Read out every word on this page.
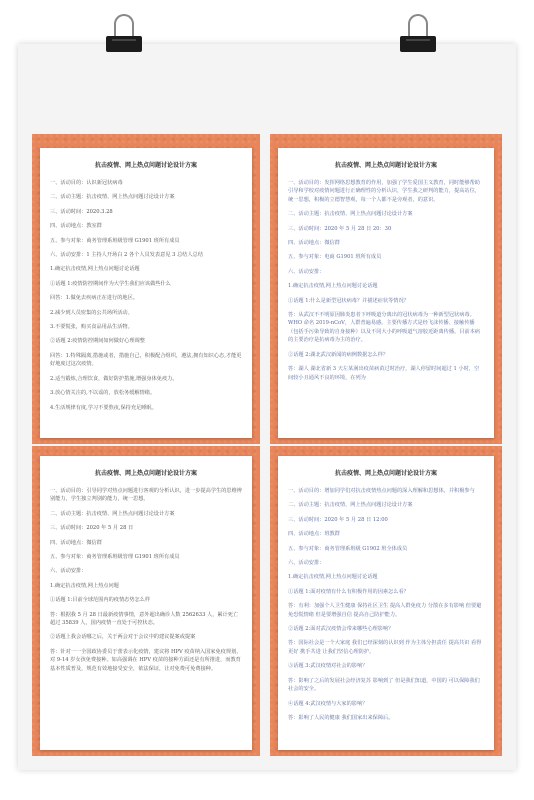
抗击疫情、网上热点问题讨论设计方案

一、活动目的：认识新冠状病毒

二、活动主题：抗击疫情、网上热点问题讨论设计方案

三、活动时间：2020.3.28

四、活动地点：教室群

五、参与对象：商务管理系班级管理 G1901 班所有成员

六、活动安排：1 主持人开场白 2 各个人员发表意见 3 总结人总结

1.确定抗击疫情,网上热点问题讨论话题

①话题 1:疫情防控期间作为大学生我们应该做些什么

回答：1.做免去疾病正在进行的地区。

2.减少到人员密集的公共场所活动。

3.不要慌张，购买食品用品生活物。

②话题 2:疫情防控期间如何做好心理调整

回答：1.特殊隔离,措施或者，措施自己，积极配合组织，遵法,拥有知识心态,才能更好地度过这次疫情。

2.适当锻炼,合理饮食，做好防护措施,增强身体免疫力。

3.放心情关注的,不以谣的，放松务缓解情绪。

4.生活规律有度,学习不要熬夜,保持充足睡眠。

抗击疫情、网上热点问题讨论设计方案

一、活动目的：发挥网络思想教育的作用，加强了学生爱国主义教育，同时能够帮助引导和学校对疫情问题进行正确理性的分析认识，学生我之研判的能力，提高站位，统一思想，积极的立德智慧观，每一个人都不是旁观者，的意识。

二、活动主题：抗击疫情、网上热点问题讨论设计方案

三、活动时间：2020 年 5 月 28 日 20：30

四、活动地点：微信群

五、参与对象：电商 G1901 班所有成员

六、活动安排：

1.确定抗击疫情,网上热点问题讨论话题

①话题 1:什么是新型冠状病毒？并描述症状等情况？

答：从武汉不不明原因肺炎患者下呼吸道分离出的冠状病毒为一种新型冠状病毒。WHO 命名 2019-nCoV，人群普遍易感。主要传播方式是经飞沫传播、接触传播（包括手污染导致的自身接种）以及不同大小的呼吸道气溶胶近距离传播。目前本病的主要治疗是抗病毒为主的治疗。

②话题 2:湖北武汉新闻的病例数据怎么样？

答：湖人 湖北省新 3 天左某满出疫苗病苗过时治疗，湖人停留时间超过 1 小时，空间较小且通风不良的环境，在列为

抗击疫情、网上热点问题讨论设计方案

一、活动目的：引导同学对热点问题进行客观的分析认识，进一步提高学生的思维辨别能力，学生独立判别的能力，统一思想。

二、活动主题：抗击疫情、网上热点问题讨论设计方案

三、活动时间：2020 年 5 月 28 日

四、活动地点：微信群

五、参与对象：商务管理系班级管理 G1901 班所有成员

六、活动安排：

1.确定抗击疫情,网上热点问题

①话题 1:目前全球范围内的疫情态势怎么样

答：根据我 5 月 28 日最新疫情事情，意外超出确诊人数 2562633 人，累计死亡超过 35839 人，国内疫情一直处于可控状态。

②话题上我会话哪之后，关于两会对于会议中的建议提案或提案

答：针对一一全国政协委员于蕾表示化疫情，建议将 HPV 疫苗纳入国家免疫规划，对 9-14 岁女孩免费接种。如高强调在 HPV 疫苗的接种方面还是有所推进，而教育基本性质普及，规范有效地接受安全，依法保证，让对免费可免费接种。

抗击疫情、网上热点问题讨论设计方案

一、活动目的：增加同学们对抗击疫情热点问题的深入理解和思想体，并积极参与

二、活动主题：抗击疫情、网上热点问题讨论设计方案

三、活动时间：2020 年 5 月 28 日 12:00

四、活动地点：班教群

五、参与对象：商务管理系班级 G1902 班全体成员

六、活动安排：

1.确定抗击疫情,网上热点问题讨论话题

①话题 1:面对疫情有什么有积极作用的因素怎么看？

答：有利：加强个人卫生健康 保持社区卫生 提高人群免疫力 分散在多有影响 但要避免恐慌情绪 但是要增强自信 提高自己防护能力。

②话题 2:面对武汉疫情会带来哪些心理影响？

答：国际社会是一个大家庭 我们已经深刻的认识到 作为主体分担责任 提高共识 看得更好 携手共进 让我们坚信心理防护。

③话题 3:武汉疫情对社会的影响？

答：影响了之后的发展社会经济复苏 影响到了 但是我们知道，中国的 可以保障我们 社会的安全。

④话题 4:武汉疫情与大家的影响？

答：影响了人民的健康 我们国家出来保障后。
